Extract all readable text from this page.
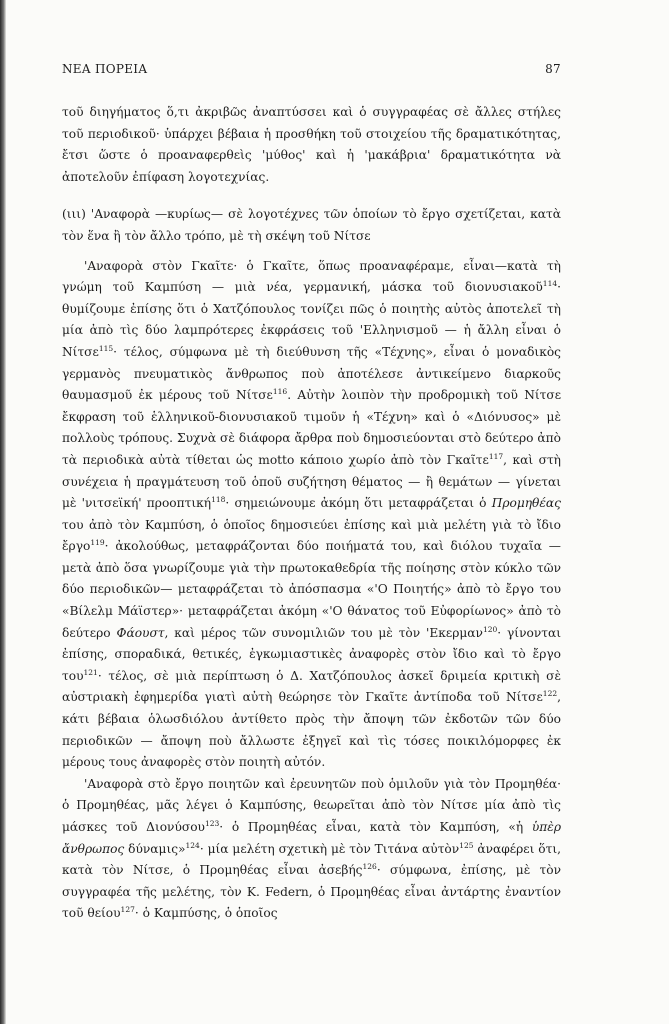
ΝΕΑ ΠΟΡΕΙΑ	87

τοῦ διηγήματος ὅ,τι ἀκριβῶς ἀναπτύσσει καὶ ὁ συγγραφέας σὲ ἄλλες στήλες τοῦ περιοδικοῦ· ὑπάρχει βέβαια ἡ προσθήκη τοῦ στοιχείου τῆς δραματικότητας, ἔτσι ὥστε ὁ προαναφερθεὶς 'μύθος' καὶ ἡ 'μακάβρια' δραματικότητα νὰ ἀποτελοῦν ἐπίφαση λογοτεχνίας.

(ιιι) 'Αναφορὰ —κυρίως— σὲ λογοτέχνες τῶν ὁποίων τὸ ἔργο σχετίζεται, κατὰ τὸν ἕνα ἢ τὸν ἄλλο τρόπο, μὲ τὴ σκέψη τοῦ Νίτσε

'Αναφορὰ στὸν Γκαῖτε· ὁ Γκαῖτε, ὅπως προαναφέραμε, εἶναι—κατὰ τὴ γνώμη τοῦ Καμπύση — μιὰ νέα, γερμανική, μάσκα τοῦ διονυσιακοῦ$^{114}$· θυμίζουμε ἐπίσης ὅτι ὁ Χατζόπουλος τονίζει πῶς ὁ ποιητὴς αὐτὸς ἀποτελεῖ τὴ μία ἀπὸ τὶς δύο λαμπρότερες ἐκφράσεις τοῦ 'Ελληνισμοῦ — ἡ ἄλλη εἶναι ὁ Νίτσε$^{115}$· τέλος, σύμφωνα μὲ τὴ διεύθυνση τῆς «Τέχνης», εἶναι ὁ μοναδικὸς γερμανὸς πνευματικὸς ἄνθρωπος ποὺ ἀποτέλεσε ἀντικείμενο διαρκοῦς θαυμασμοῦ ἐκ μέρους τοῦ Νίτσε$^{116}$. Αὐτὴν λοιπὸν τὴν προδρομικὴ τοῦ Νίτσε ἔκφραση τοῦ ἑλληνικοῦ-διονυσιακοῦ τιμοῦν ἡ «Τέχνη» καὶ ὁ «Διόνυσος» μὲ πολλοὺς τρόπους. Συχνὰ σὲ διάφορα ἄρθρα ποὺ δημοσιεύονται στὸ δεύτερο ἀπὸ τὰ περιοδικὰ αὐτὰ τίθεται ὡς motto κάποιο χωρίο ἀπὸ τὸν Γκαῖτε$^{117}$, καὶ στὴ συνέχεια ἡ πραγμάτευση τοῦ ὁποῦ συζήτηση θέματος — ἢ θεμάτων — γίνεται μὲ 'νιτσεϊκή' προοπτική$^{118}$· σημειώνουμε ἀκόμη ὅτι μεταφράζεται ὁ Προμηθέας του ἀπὸ τὸν Καμπύση, ὁ ὁποῖος δημοσιεύει ἐπίσης καὶ μιὰ μελέτη γιὰ τὸ ἴδιο ἔργο$^{119}$· ἀκολούθως, μεταφράζονται δύο ποιήματά του, καὶ διόλου τυχαῖα —μετὰ ἀπὸ ὅσα γνωρίζουμε γιὰ τὴν πρωτοκαθεδρία τῆς ποίησης στὸν κύκλο τῶν δύο περιοδικῶν— μεταφράζεται τὸ ἀπόσπασμα «'Ο Ποιητής» ἀπὸ τὸ ἔργο του «Βίλελμ Μάϊστερ»· μεταφράζεται ἀκόμη «'Ο θάνατος τοῦ Εὐφορίωνος» ἀπὸ τὸ δεύτερο Φάουστ, καὶ μέρος τῶν συνομιλιῶν του μὲ τὸν 'Εκερμαν$^{120}$· γίνονται ἐπίσης, σποραδικά, θετικές, ἐγκωμιαστικὲς ἀναφορὲς στὸν ἴδιο καὶ τὸ ἔργο του$^{121}$· τέλος, σὲ μιὰ περίπτωση ὁ Δ. Χατζόπουλος ἀσκεῖ δριμεία κριτικὴ σὲ αὐστριακὴ ἐφημερίδα γιατὶ αὐτὴ θεώρησε τὸν Γκαῖτε ἀντίποδα τοῦ Νίτσε$^{122}$, κάτι βέβαια ὁλωσδιόλου ἀντίθετο πρὸς τὴν ἄποψη τῶν ἐκδοτῶν τῶν δύο περιοδικῶν — ἄποψη ποὺ ἄλλωστε ἐξηγεῖ καὶ τὶς τόσες ποικιλόμορφες ἐκ μέρους τους ἀναφορὲς στὸν ποιητὴ αὐτόν.

'Αναφορὰ στὸ ἔργο ποιητῶν καὶ ἐρευνητῶν ποὺ ὁμιλοῦν γιὰ τὸν Προμηθέα· ὁ Προμηθέας, μᾶς λέγει ὁ Καμπύσης, θεωρεῖται ἀπὸ τὸν Νίτσε μία ἀπὸ τὶς μάσκες τοῦ Διονύσου$^{123}$· ὁ Προμηθέας εἶναι, κατὰ τὸν Καμπύση, «ἡ ὑπὲρ ἄνθρωπος δύναμις»$^{124}$· μία μελέτη σχετικὴ μὲ τὸν Τιτάνα αὐτὸν$^{125}$ ἀναφέρει ὅτι, κατὰ τὸν Νίτσε, ὁ Προμηθέας εἶναι ἀσεβής$^{126}$· σύμφωνα, ἐπίσης, μὲ τὸν συγγραφέα τῆς μελέτης, τὸν K. Federn, ὁ Προμηθέας εἶναι ἀντάρτης ἐναντίον τοῦ θείου$^{127}$· ὁ Καμπύσης, ὁ ὁποῖος
